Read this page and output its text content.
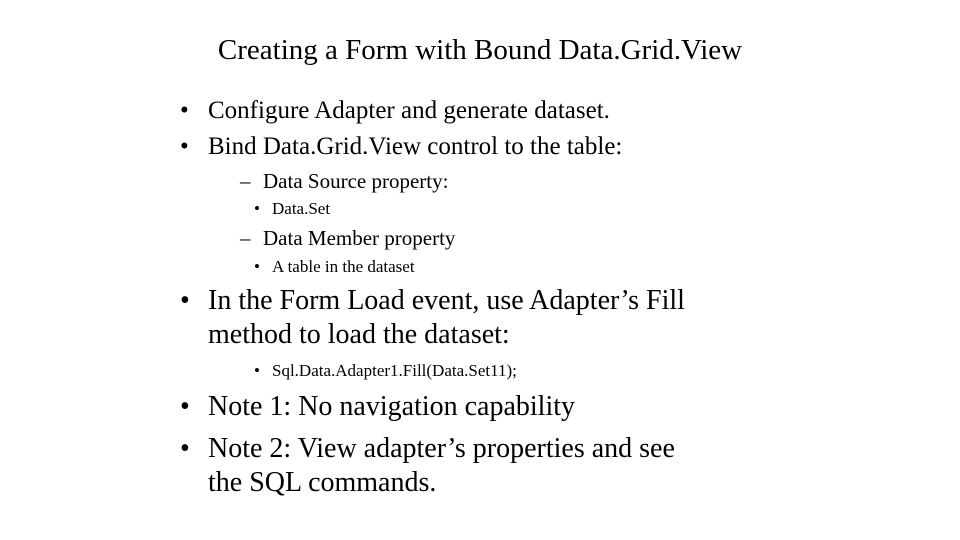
Creating a Form with Bound Data.Grid.View
• Configure Adapter and generate dataset.
• Bind Data.Grid.View control to the table:
– Data Source property:
• Data.Set
– Data Member property
• A table in the dataset
• In the Form Load event, use Adapter’s Fill
method to load the dataset:
• Sql.Data.Adapter1.Fill(Data.Set11);
• Note 1: No navigation capability
• Note 2: View adapter’s properties and see
the SQL commands.
